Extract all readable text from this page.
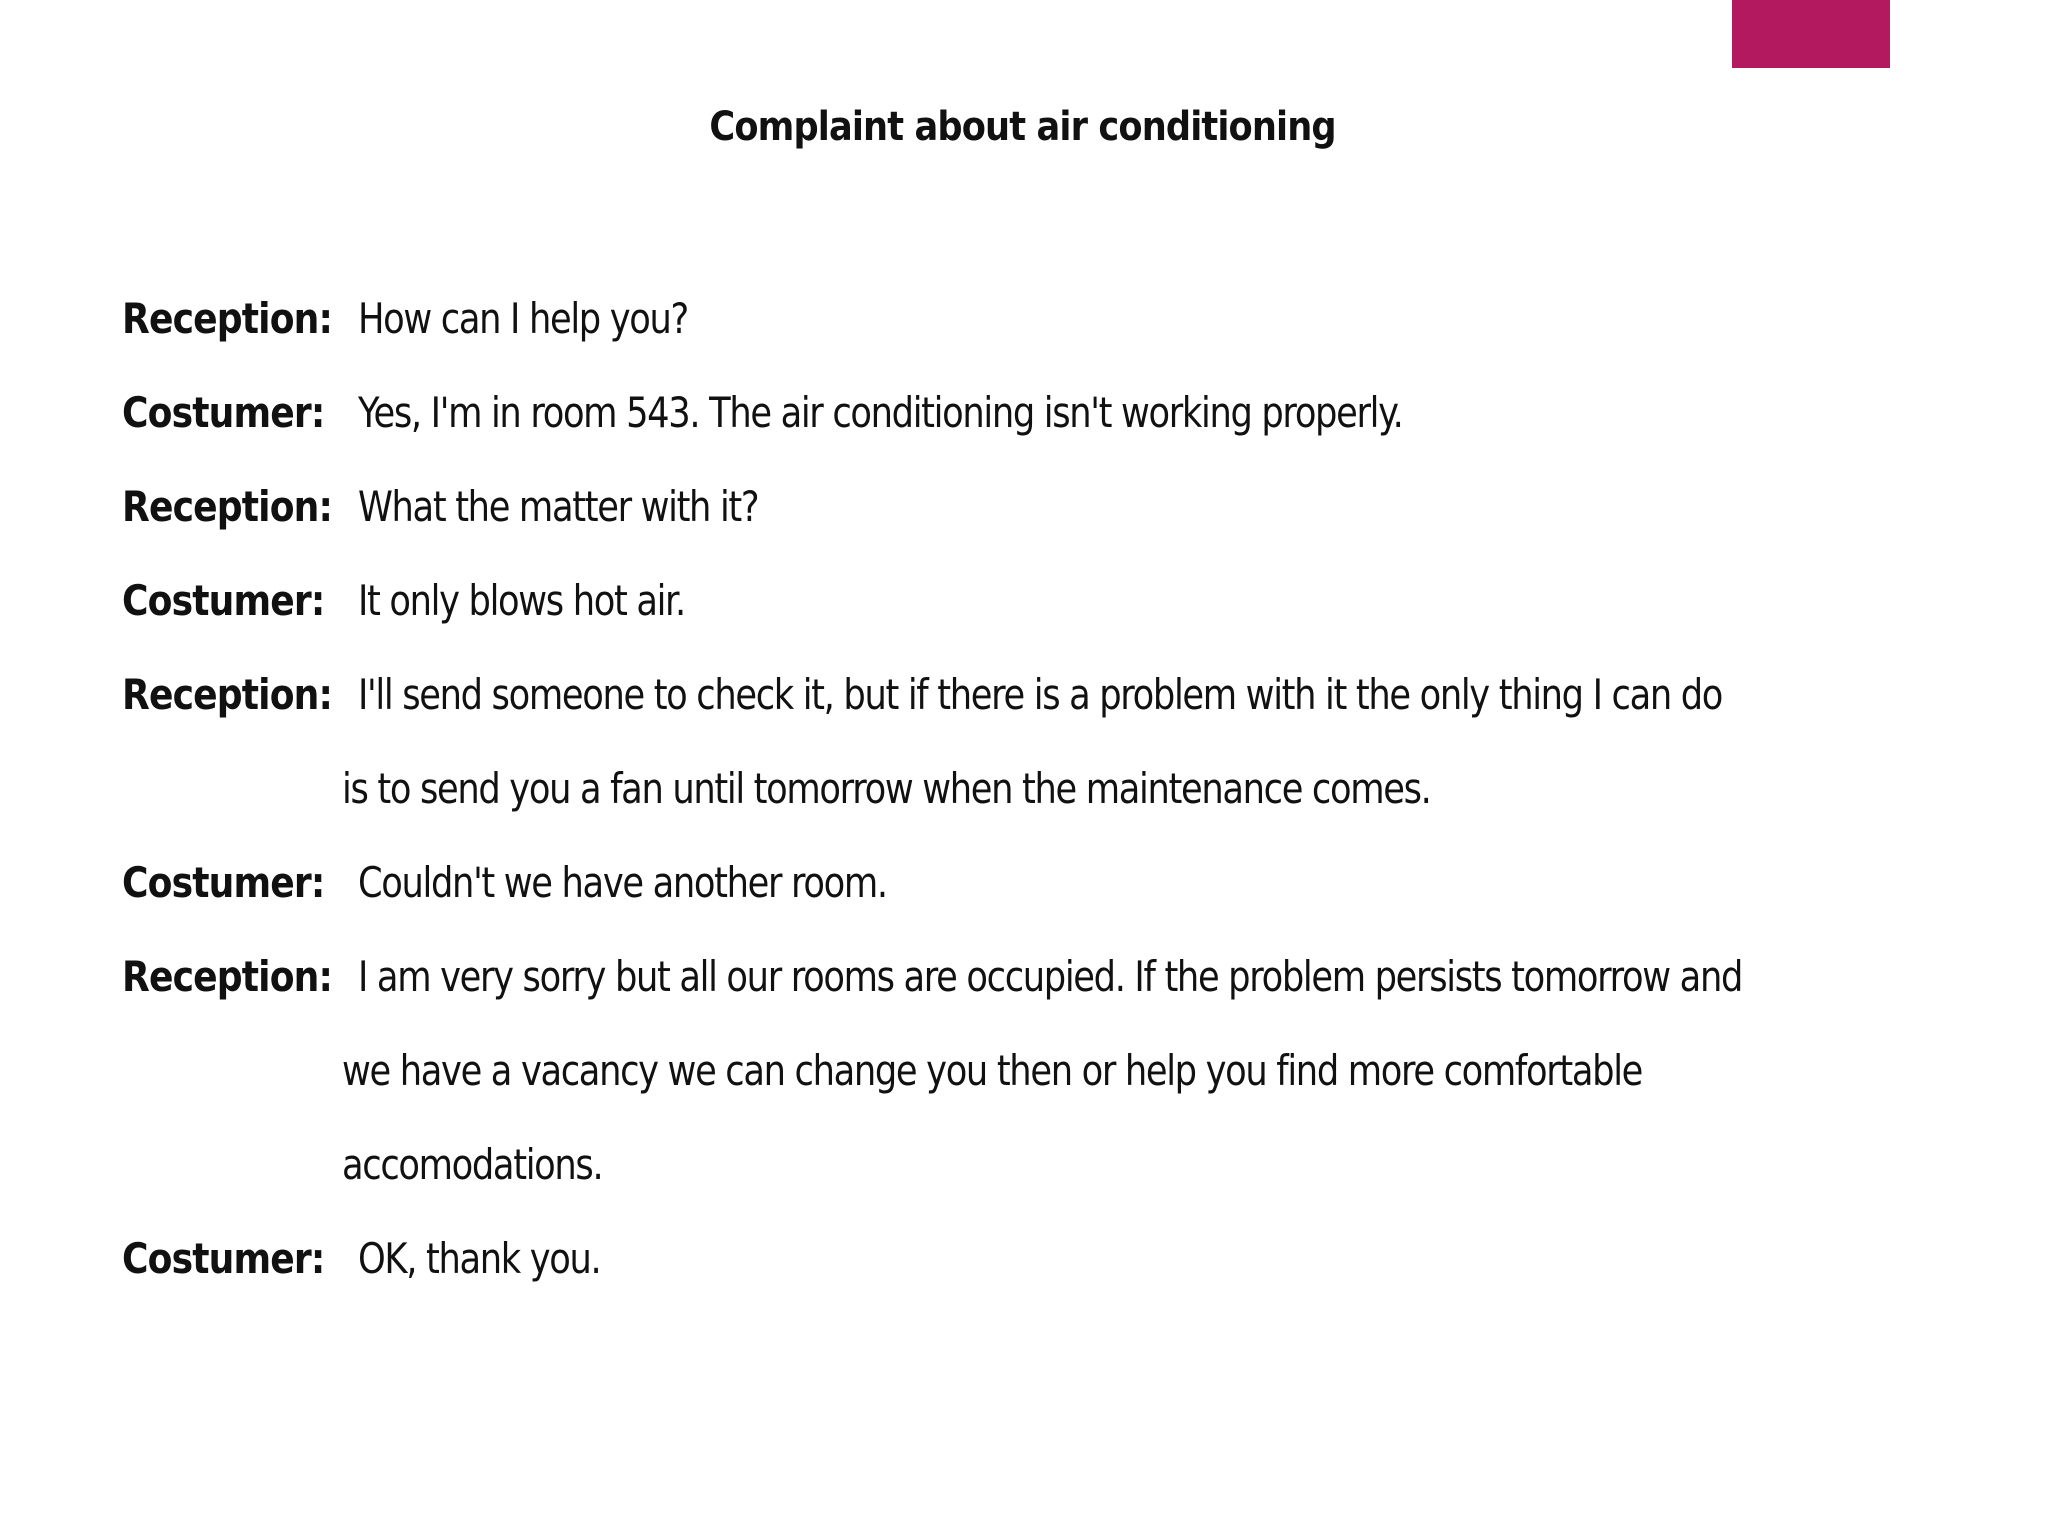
Complaint about air conditioning
Reception: How can I help you?
Costumer: Yes, I'm in room 543. The air conditioning isn't working properly.
Reception: What the matter with it?
Costumer: It only blows hot air.
Reception: I'll send someone to check it, but if there is a problem with it the only thing I can do
is to send you a fan until tomorrow when the maintenance comes.
Costumer: Couldn't we have another room.
Reception: I am very sorry but all our rooms are occupied. If the problem persists tomorrow and
we have a vacancy we can change you then or help you find more comfortable
accomodations.
Costumer: OK, thank you.
